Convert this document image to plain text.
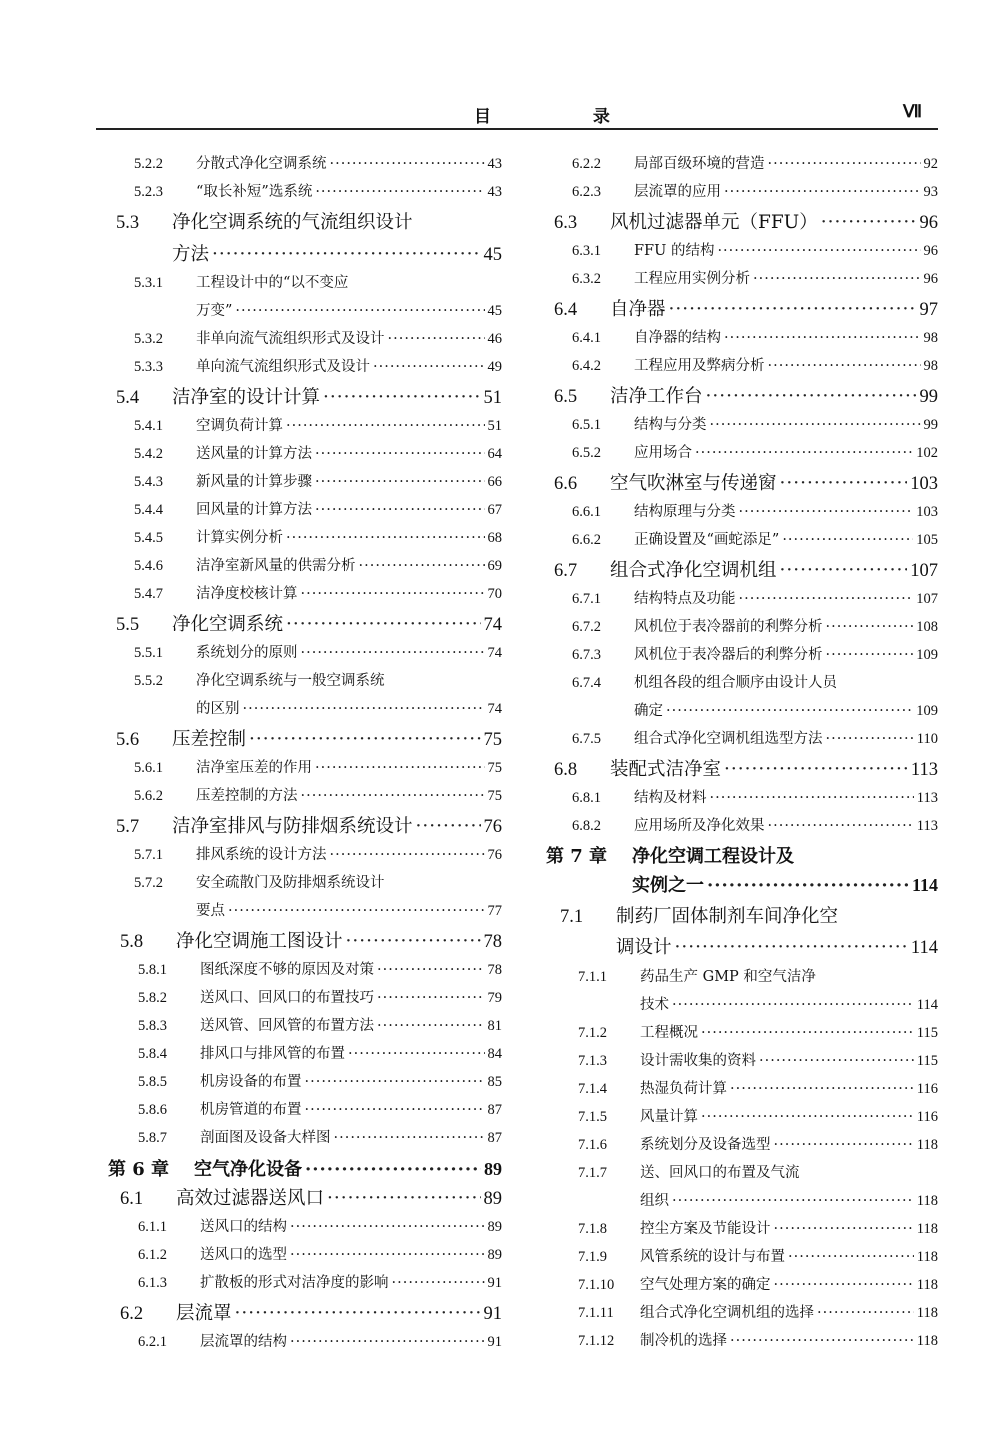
目 录	Ⅶ
5.2.2	分散式净化空调系统 ·····	43
5.2.3	“取长补短”选系统 ·····	43
5.3	净化空调系统的气流组织设计
方法 ·····	45
5.3.1	工程设计中的“以不变应
万变” ·····	45
5.3.2	非单向流气流组织形式及设计 ·····	46
5.3.3	单向流气流组织形式及设计 ·····	49
5.4	洁净室的设计计算 ·····	51
5.4.1	空调负荷计算 ·····	51
5.4.2	送风量的计算方法 ·····	64
5.4.3	新风量的计算步骤 ·····	66
5.4.4	回风量的计算方法 ·····	67
5.4.5	计算实例分析 ·····	68
5.4.6	洁净室新风量的供需分析 ·····	69
5.4.7	洁净度校核计算 ·····	70
5.5	净化空调系统 ·····	74
5.5.1	系统划分的原则 ·····	74
5.5.2	净化空调系统与一般空调系统
的区别 ·····	74
5.6	压差控制 ·····	75
5.6.1	洁净室压差的作用 ·····	75
5.6.2	压差控制的方法 ·····	75
5.7	洁净室排风与防排烟系统设计 ·····	76
5.7.1	排风系统的设计方法 ·····	76
5.7.2	安全疏散门及防排烟系统设计
要点 ·····	77
5.8	净化空调施工图设计 ·····	78
5.8.1	图纸深度不够的原因及对策 ·····	78
5.8.2	送风口、回风口的布置技巧 ·····	79
5.8.3	送风管、回风管的布置方法 ·····	81
5.8.4	排风口与排风管的布置 ·····	84
5.8.5	机房设备的布置 ·····	85
5.8.6	机房管道的布置 ·····	87
5.8.7	剖面图及设备大样图 ·····	87
第 6 章	空气净化设备 ·····	89
6.1	高效过滤器送风口 ·····	89
6.1.1	送风口的结构 ·····	89
6.1.2	送风口的选型 ·····	89
6.1.3	扩散板的形式对洁净度的影响 ·····	91
6.2	层流罩 ·····	91
6.2.1	层流罩的结构 ·····	91
6.2.2	局部百级环境的营造 ·····	92
6.2.3	层流罩的应用 ·····	93
6.3	风机过滤器单元（FFU） ·····	96
6.3.1	FFU 的结构 ·····	96
6.3.2	工程应用实例分析 ·····	96
6.4	自净器 ·····	97
6.4.1	自净器的结构 ·····	98
6.4.2	工程应用及弊病分析 ·····	98
6.5	洁净工作台 ·····	99
6.5.1	结构与分类 ·····	99
6.5.2	应用场合 ·····	102
6.6	空气吹淋室与传递窗 ·····	103
6.6.1	结构原理与分类 ·····	103
6.6.2	正确设置及“画蛇添足” ·····	105
6.7	组合式净化空调机组 ·····	107
6.7.1	结构特点及功能 ·····	107
6.7.2	风机位于表冷器前的利弊分析 ·····	108
6.7.3	风机位于表冷器后的利弊分析 ·····	109
6.7.4	机组各段的组合顺序由设计人员
确定 ·····	109
6.7.5	组合式净化空调机组选型方法 ·····	110
6.8	装配式洁净室 ·····	113
6.8.1	结构及材料 ·····	113
6.8.2	应用场所及净化效果 ·····	113
第 7 章	净化空调工程设计及
实例之一 ·····	114
7.1	制药厂固体制剂车间净化空
调设计 ·····	114
7.1.1	药品生产 GMP 和空气洁净
技术 ·····	114
7.1.2	工程概况 ·····	115
7.1.3	设计需收集的资料 ·····	115
7.1.4	热湿负荷计算 ·····	116
7.1.5	风量计算 ·····	116
7.1.6	系统划分及设备选型 ·····	118
7.1.7	送、回风口的布置及气流
组织 ·····	118
7.1.8	控尘方案及节能设计 ·····	118
7.1.9	风管系统的设计与布置 ·····	118
7.1.10	空气处理方案的确定 ·····	118
7.1.11	组合式净化空调机组的选择 ·····	118
7.1.12	制冷机的选择 ·····	118
